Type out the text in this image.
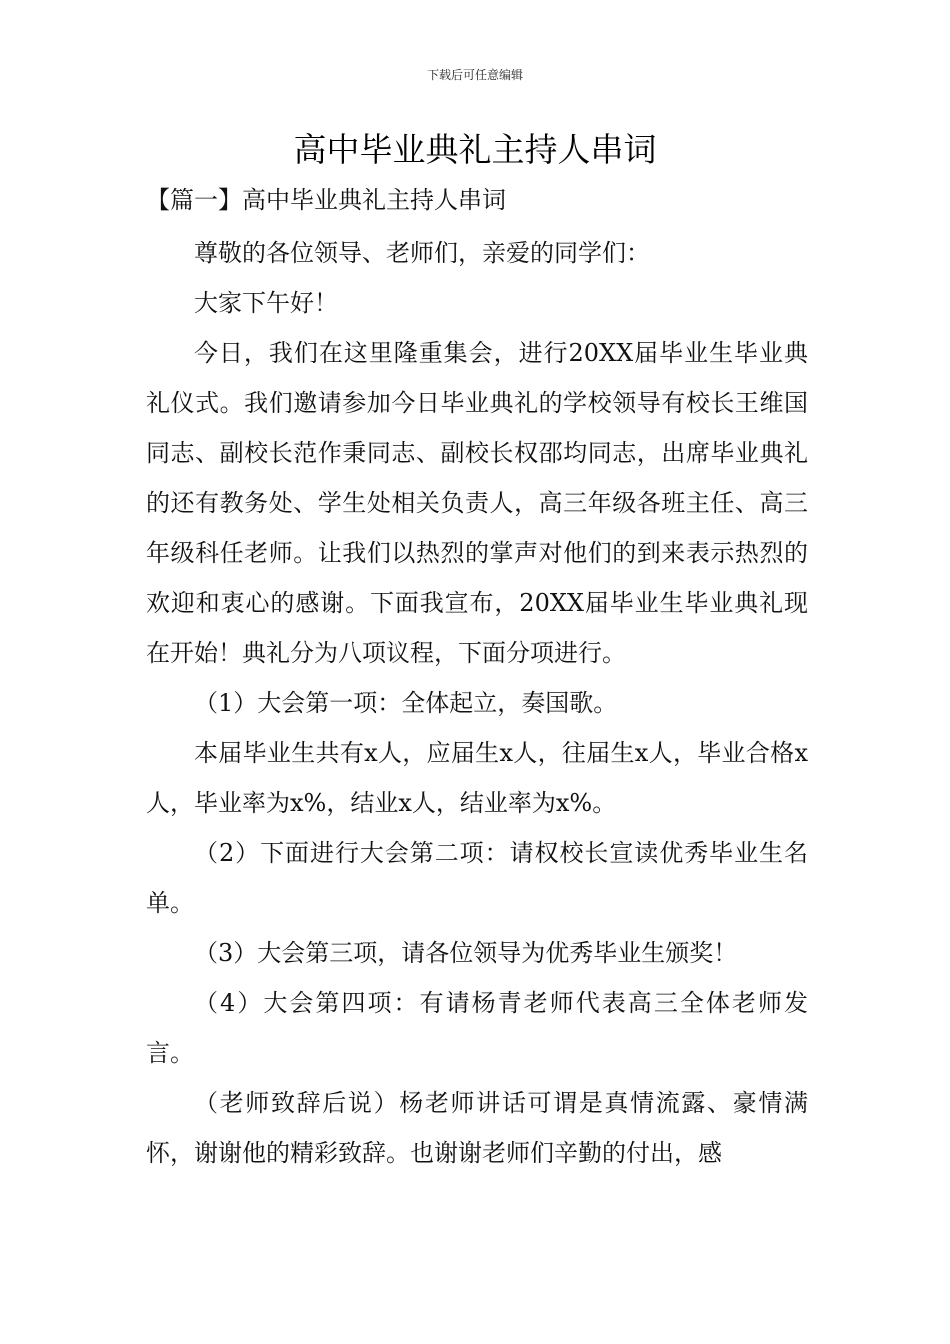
下载后可任意编辑
高中毕业典礼主持人串词
【篇一】高中毕业典礼主持人串词

尊敬的各位领导、老师们，亲爱的同学们：

大家下午好！

今日，我们在这里隆重集会，进行20XX届毕业生毕业典礼仪式。我们邀请参加今日毕业典礼的学校领导有校长王维国同志、副校长范作秉同志、副校长权邵均同志，出席毕业典礼的还有教务处、学生处相关负责人，高三年级各班主任、高三年级科任老师。让我们以热烈的掌声对他们的到来表示热烈的欢迎和衷心的感谢。下面我宣布，20XX届毕业生毕业典礼现在开始！典礼分为八项议程，下面分项进行。

（1）大会第一项：全体起立，奏国歌。

本届毕业生共有x人，应届生x人，往届生x人，毕业合格x人，毕业率为x%，结业x人，结业率为x%。

（2）下面进行大会第二项：请权校长宣读优秀毕业生名单。

（3）大会第三项，请各位领导为优秀毕业生颁奖！

（4）大会第四项：有请杨青老师代表高三全体老师发言。

（老师致辞后说）杨老师讲话可谓是真情流露、豪情满怀，谢谢他的精彩致辞。也谢谢老师们辛勤的付出，感
